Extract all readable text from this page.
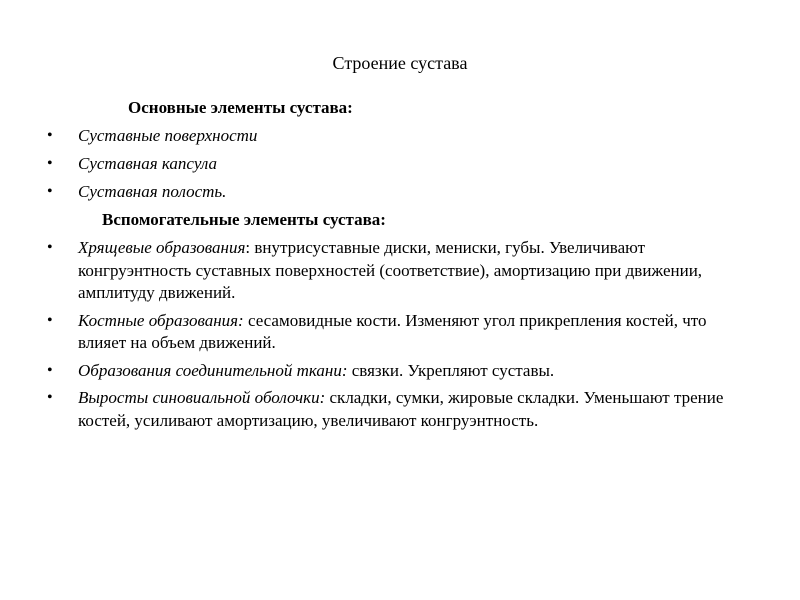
Строение сустава
Основные элементы сустава:
• Суставные поверхности
• Суставная капсула
• Суставная полость.
Вспомогательные элементы сустава:
• Хрящевые образования: внутрисуставные диски, мениски, губы. Увеличивают конгруэнтность суставных поверхностей (соответствие), амортизацию при движении, амплитуду движений.
• Костные образования: сесамовидные кости. Изменяют угол прикрепления костей, что влияет на объем движений.
• Образования соединительной ткани: связки. Укрепляют суставы.
• Выросты синовиальной оболочки: складки, сумки, жировые складки. Уменьшают трение костей, усиливают амортизацию, увеличивают конгруэнтность.
